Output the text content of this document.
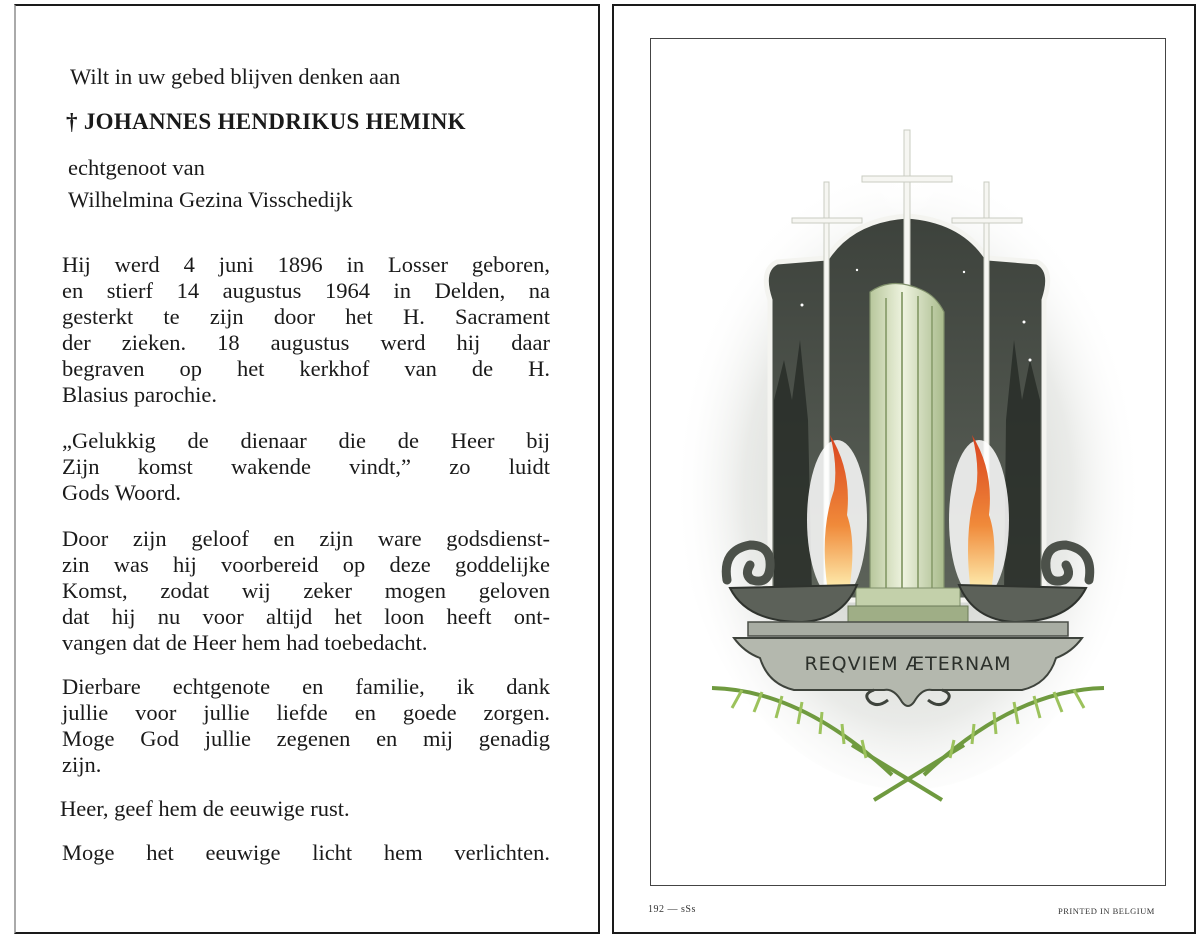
Wilt in uw gebed blijven denken aan
† JOHANNES HENDRIKUS HEMINK
echtgenoot van
Wilhelmina Gezina Visschedijk
Hij werd 4 juni 1896 in Losser geboren,
en stierf 14 augustus 1964 in Delden, na
gesterkt te zijn door het H. Sacrament
der zieken. 18 augustus werd hij daar
begraven op het kerkhof van de H.
Blasius parochie.
„Gelukkig de dienaar die de Heer bij
Zijn komst wakende vindt,” zo luidt
Gods Woord.
Door zijn geloof en zijn ware godsdienst-
zin was hij voorbereid op deze goddelijke
Komst, zodat wij zeker mogen geloven
dat hij nu voor altijd het loon heeft ont-
vangen dat de Heer hem had toebedacht.
Dierbare echtgenote en familie, ik dank
jullie voor jullie liefde en goede zorgen.
Moge God jullie zegenen en mij genadig
zijn.
Heer, geef hem de eeuwige rust.
Moge het eeuwige licht hem verlichten.
REQVIEM ÆTERNAM
192 — sSs	PRINTED IN BELGIUM
